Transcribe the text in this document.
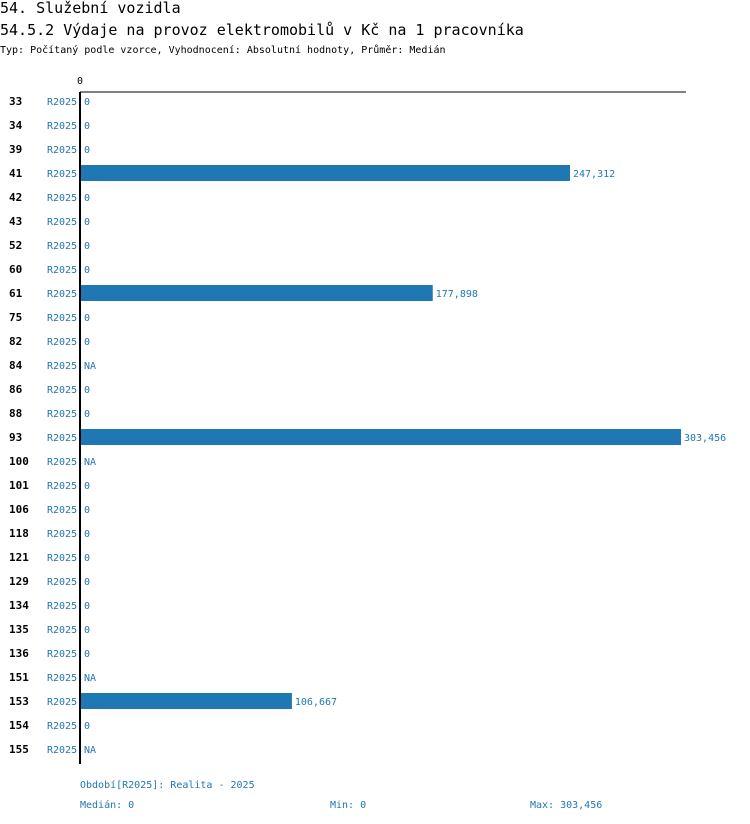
54. Služební vozidla
54.5.2 Výdaje na provoz elektromobilů v Kč na 1 pracovníka
Typ: Počítaný podle vzorce, Vyhodnocení: Absolutní hodnoty, Průměr: Medián
0
33 R2025 0
34 R2025 0
39 R2025 0
41 R2025	247,312
42 R2025 0
43 R2025 0
52 R2025 0
60 R2025 0
61 R2025	177,898
75 R2025 0
82 R2025 0
84 R2025 NA
86 R2025 0
88 R2025 0
93 R2025	303,456
100 R2025 NA
101 R2025 0
106 R2025 0
118 R2025 0
121 R2025 0
129 R2025 0
134 R2025 0
135 R2025 0
136 R2025 0
151 R2025 NA
153 R2025	106,667
154 R2025 0
155 R2025 NA
Období[R2025]: Realita - 2025
Medián: 0	Min: 0	Max: 303,456
